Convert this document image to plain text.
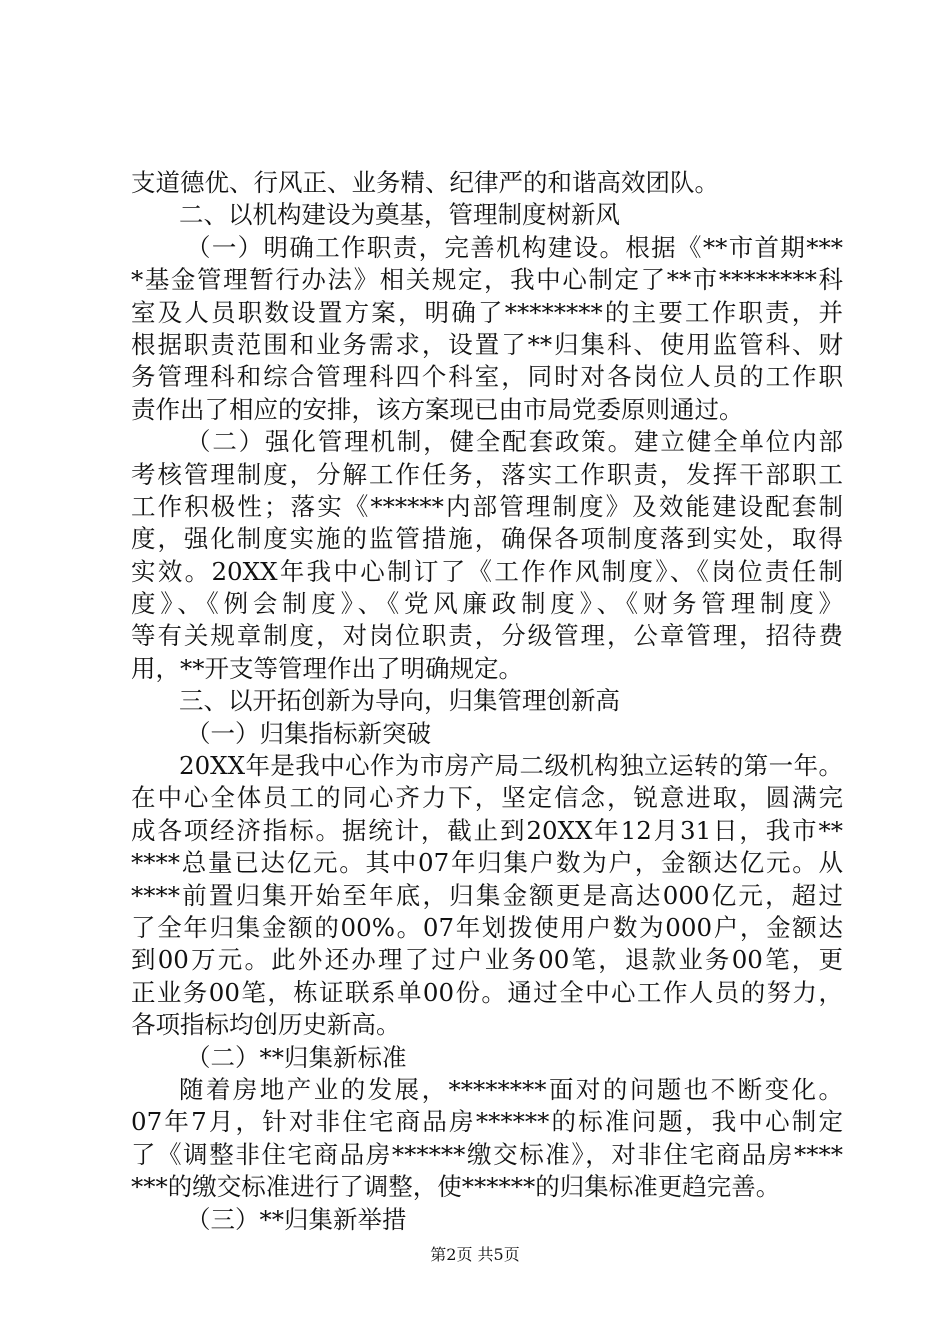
支道德优、行风正、业务精、纪律严的和谐高效团队。
二、以机构建设为奠基，管理制度树新风
（一）明确工作职责，完善机构建设。根据《**市首期***
*基金管理暂行办法》相关规定，我中心制定了**市********科
室及人员职数设置方案，明确了********的主要工作职责，并
根据职责范围和业务需求，设置了**归集科、使用监管科、财
务管理科和综合管理科四个科室，同时对各岗位人员的工作职
责作出了相应的安排，该方案现已由市局党委原则通过。
（二）强化管理机制，健全配套政策。建立健全单位内部
考核管理制度，分解工作任务，落实工作职责，发挥干部职工
工作积极性；落实《******内部管理制度》及效能建设配套制
度，强化制度实施的监管措施，确保各项制度落到实处，取得
实效。20XX年我中心制订了《工作作风制度》、《岗位责任制
度》、《例会制度》、《党风廉政制度》、《财务管理制度》
等有关规章制度，对岗位职责，分级管理，公章管理，招待费
用，**开支等管理作出了明确规定。
三、以开拓创新为导向，归集管理创新高
（一）归集指标新突破
20XX年是我中心作为市房产局二级机构独立运转的第一年。
在中心全体员工的同心齐力下，坚定信念，锐意进取，圆满完
成各项经济指标。据统计，截止到20XX年12月31日，我市**
****总量已达亿元。其中07年归集户数为户，金额达亿元。从
****前置归集开始至年底，归集金额更是高达000亿元，超过
了全年归集金额的00%。07年划拨使用户数为000户，金额达
到00万元。此外还办理了过户业务00笔，退款业务00笔，更
正业务00笔，栋证联系单00份。通过全中心工作人员的努力，
各项指标均创历史新高。
（二）**归集新标准
随着房地产业的发展，********面对的问题也不断变化。
07年7月，针对非住宅商品房******的标准问题，我中心制定
了《调整非住宅商品房******缴交标准》，对非住宅商品房****
***的缴交标准进行了调整，使******的归集标准更趋完善。
（三）**归集新举措
第2页 共5页
